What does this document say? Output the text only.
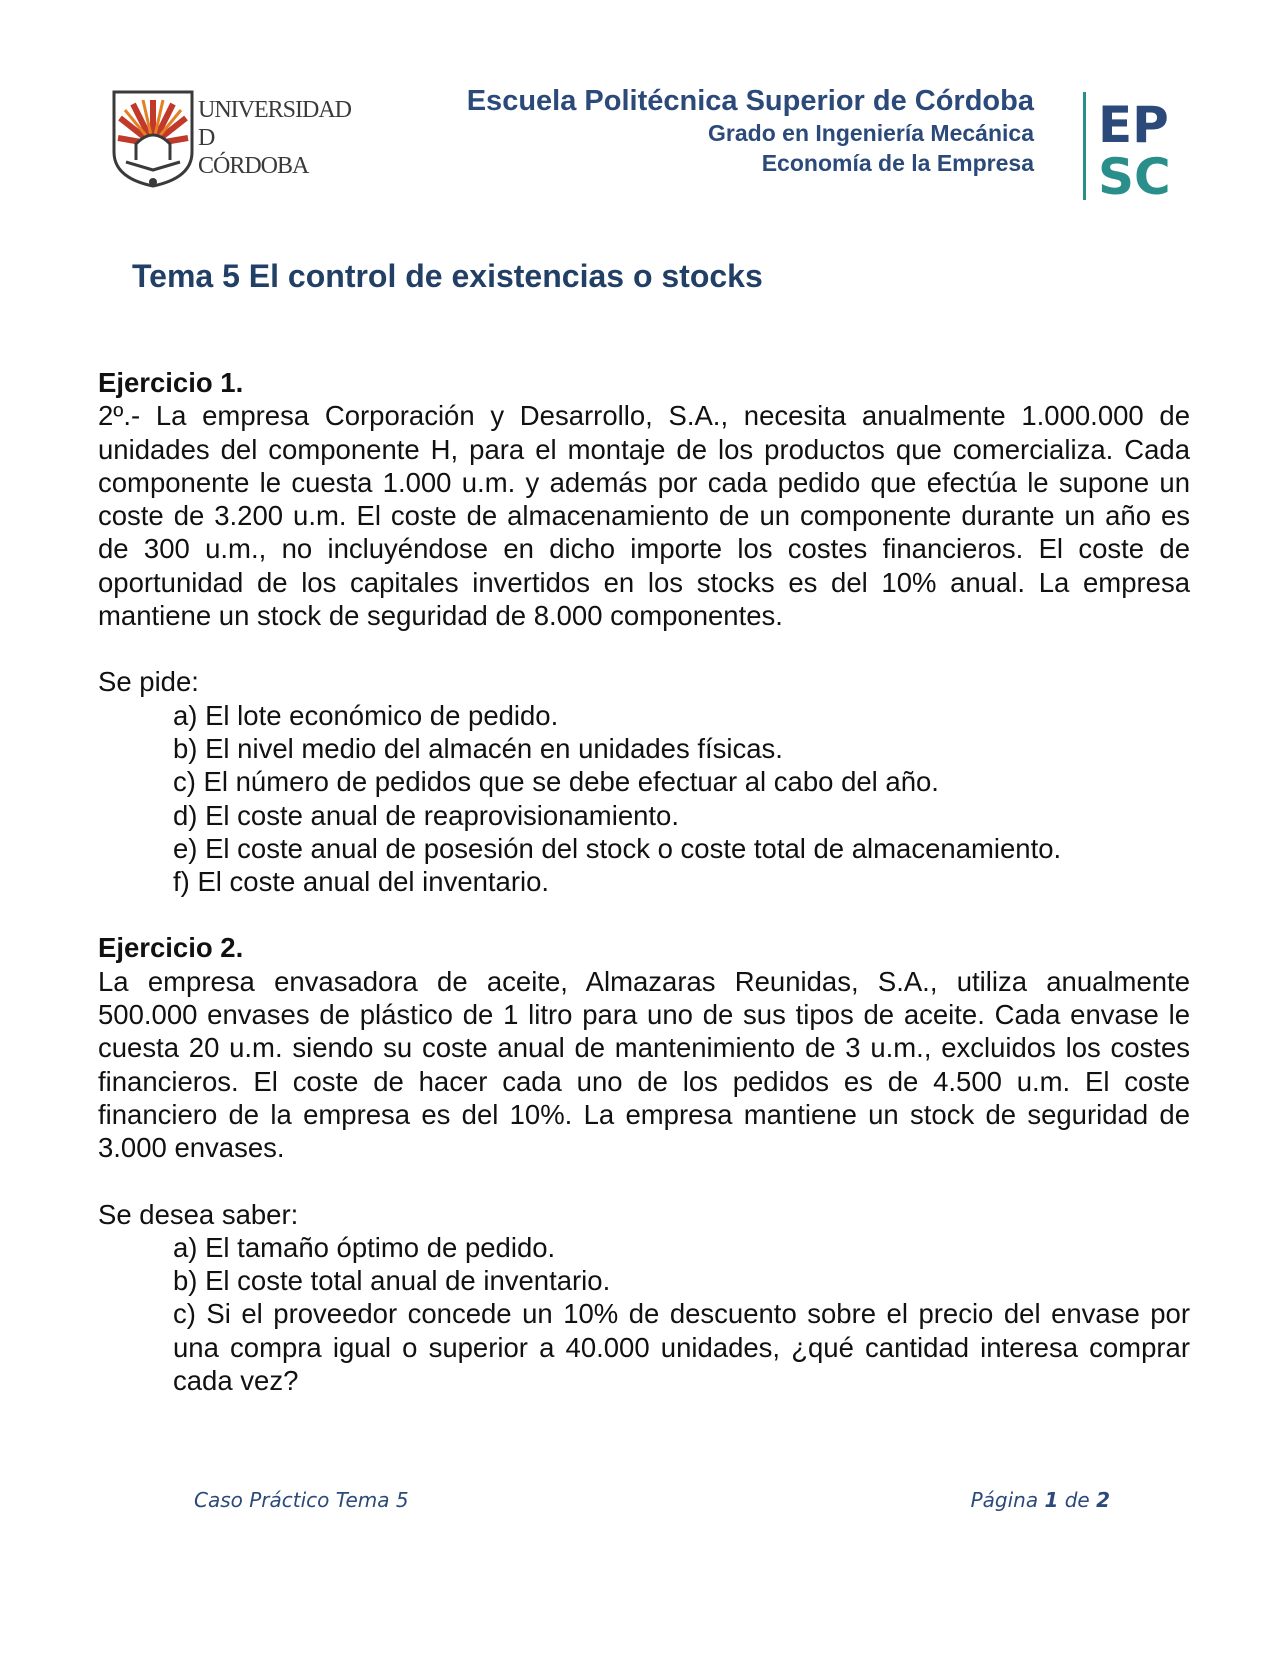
UNIVERSIDAD
D
CÓRDOBA
Escuela Politécnica Superior de Córdoba
Grado en Ingeniería Mecánica
Economía de la Empresa
EP
SC
Tema 5 El control de existencias o stocks

Ejercicio 1.

2º.- La empresa Corporación y Desarrollo, S.A., necesita anualmente 1.000.000 de unidades del componente H, para el montaje de los productos que comercializa. Cada componente le cuesta 1.000 u.m. y además por cada pedido que efectúa le supone un coste de 3.200 u.m. El coste de almacenamiento de un componente durante un año es de 300 u.m., no incluyéndose en dicho importe los costes financieros. El coste de oportunidad de los capitales invertidos en los stocks es del 10% anual. La empresa mantiene un stock de seguridad de 8.000 componentes.

Se pide:

a) El lote económico de pedido.
b) El nivel medio del almacén en unidades físicas.
c) El número de pedidos que se debe efectuar al cabo del año.
d) El coste anual de reaprovisionamiento.
e) El coste anual de posesión del stock o coste total de almacenamiento.
f) El coste anual del inventario.

Ejercicio 2.

La empresa envasadora de aceite, Almazaras Reunidas, S.A., utiliza anualmente 500.000 envases de plástico de 1 litro para uno de sus tipos de aceite. Cada envase le cuesta 20 u.m. siendo su coste anual de mantenimiento de 3 u.m., excluidos los costes financieros. El coste de hacer cada uno de los pedidos es de 4.500 u.m. El coste financiero de la empresa es del 10%. La empresa mantiene un stock de seguridad de 3.000 envases.

Se desea saber:

a) El tamaño óptimo de pedido.
b) El coste total anual de inventario.
c) Si el proveedor concede un 10% de descuento sobre el precio del envase por una compra igual o superior a 40.000 unidades, ¿qué cantidad interesa comprar cada vez?
Caso Práctico Tema 5	Página 1 de 2
